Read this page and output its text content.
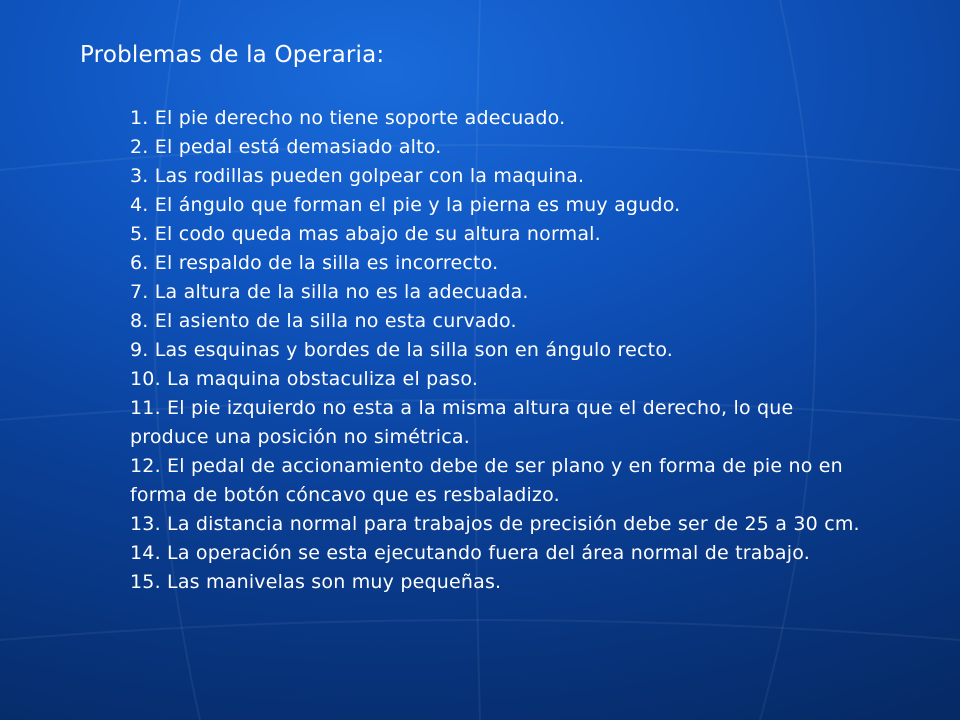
Problemas de la Operaria:
1. El pie derecho no tiene soporte adecuado.
2. El pedal está demasiado alto.
3. Las rodillas pueden golpear con la maquina.
4. El ángulo que forman el pie y la pierna es muy agudo.
5. El codo queda mas abajo de su altura normal.
6. El respaldo de la silla es incorrecto.
7. La altura de la silla no es la adecuada.
8. El asiento de la silla no esta curvado.
9. Las esquinas y bordes de la silla son en ángulo recto.
10. La maquina obstaculiza el paso.
11. El pie izquierdo no esta a la misma altura que el derecho, lo que produce una posición no simétrica.
12. El pedal de accionamiento debe de ser plano y en forma de pie no en forma de botón cóncavo que es resbaladizo.
13. La distancia normal para trabajos de precisión debe ser de 25 a 30 cm.
14. La operación se esta ejecutando fuera del área normal de trabajo.
15. Las manivelas son muy pequeñas.
